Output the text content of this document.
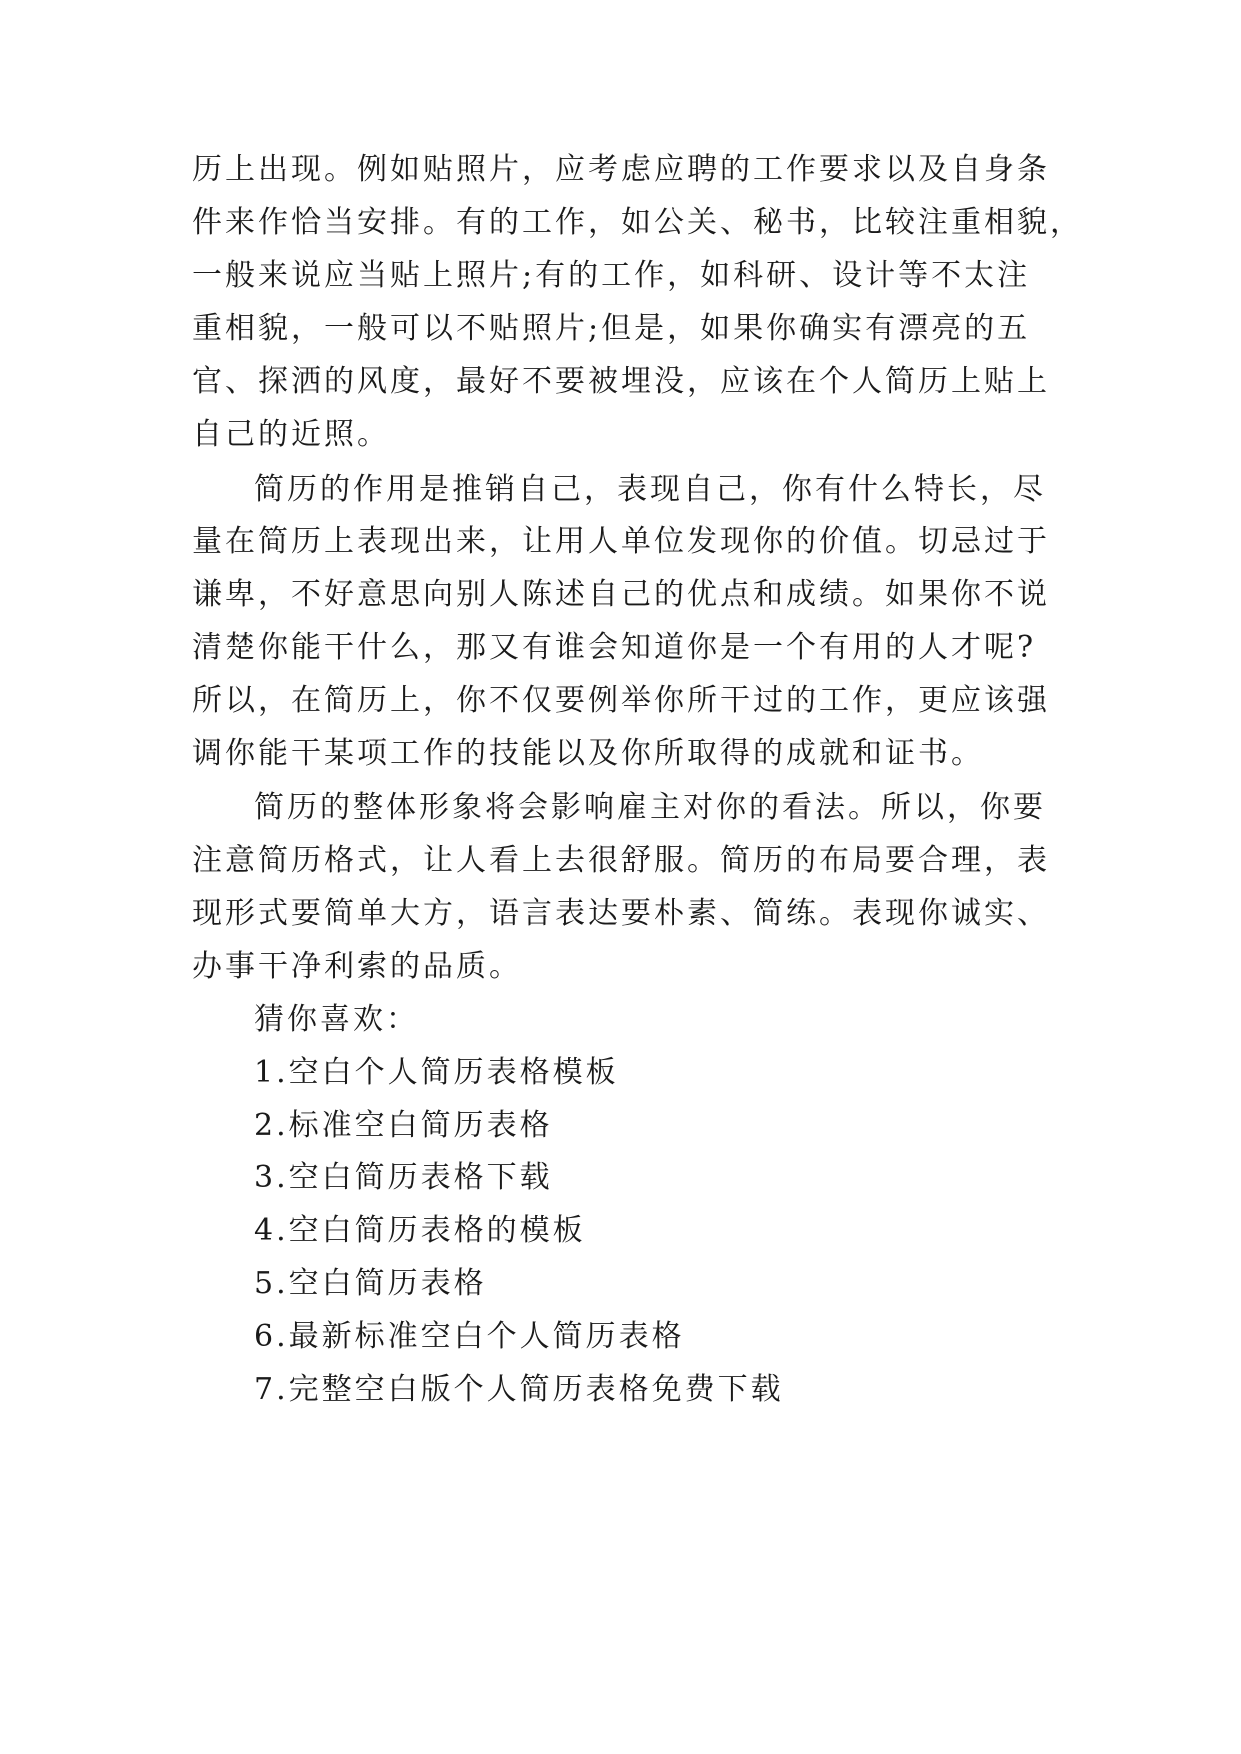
历上出现。例如贴照片，应考虑应聘的工作要求以及自身条
件来作恰当安排。有的工作，如公关、秘书，比较注重相貌，
一般来说应当贴上照片;有的工作，如科研、设计等不太注
重相貌，一般可以不贴照片;但是，如果你确实有漂亮的五
官、探洒的风度，最好不要被埋没，应该在个人简历上贴上
自己的近照。
简历的作用是推销自己，表现自己，你有什么特长，尽
量在简历上表现出来，让用人单位发现你的价值。切忌过于
谦卑，不好意思向别人陈述自己的优点和成绩。如果你不说
清楚你能干什么，那又有谁会知道你是一个有用的人才呢?
所以，在简历上，你不仅要例举你所干过的工作，更应该强
调你能干某项工作的技能以及你所取得的成就和证书。
简历的整体形象将会影响雇主对你的看法。所以，你要
注意简历格式，让人看上去很舒服。简历的布局要合理，表
现形式要简单大方，语言表达要朴素、简练。表现你诚实、
办事干净利索的品质。
猜你喜欢：
1.空白个人简历表格模板
2.标准空白简历表格
3.空白简历表格下载
4.空白简历表格的模板
5.空白简历表格
6.最新标准空白个人简历表格
7.完整空白版个人简历表格免费下载
